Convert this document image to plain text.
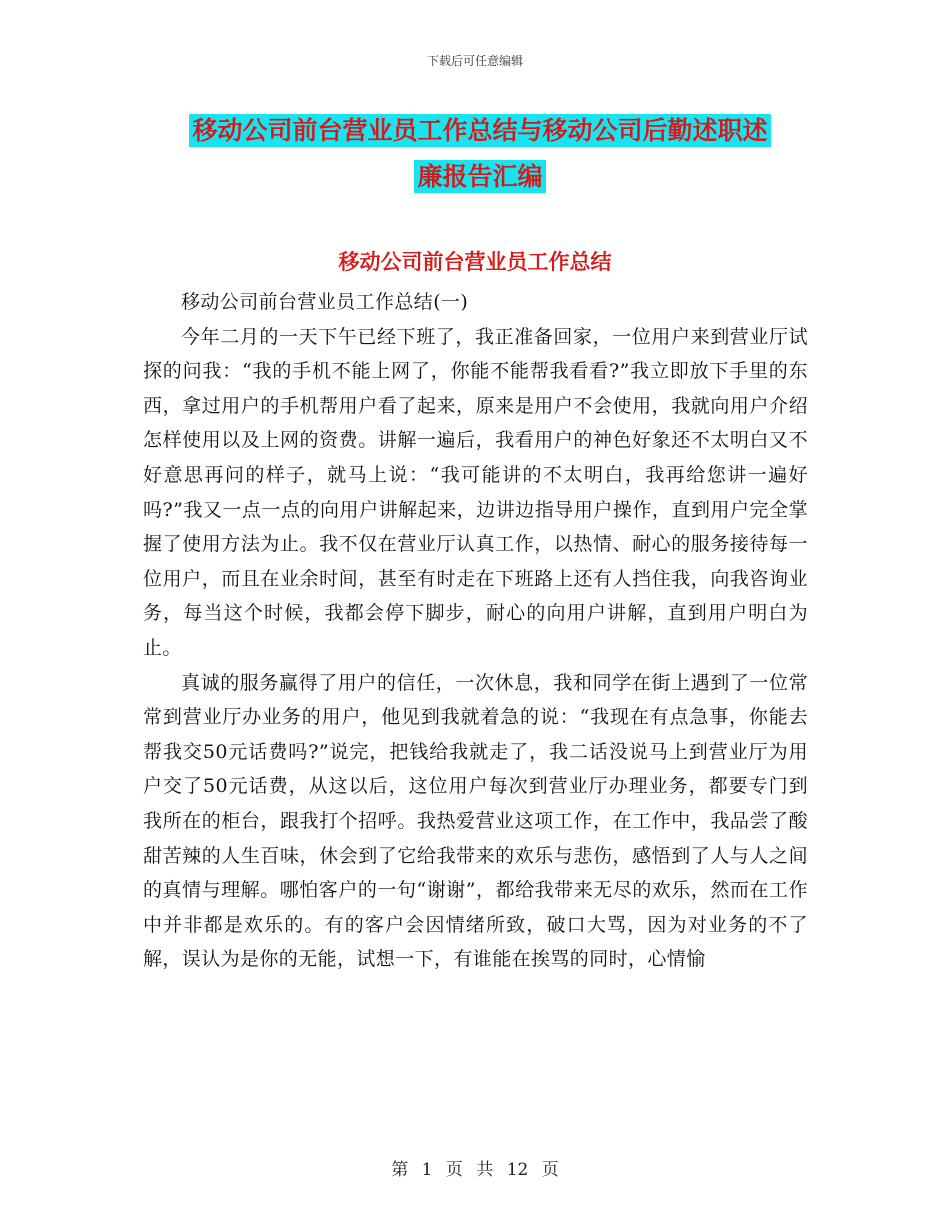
下载后可任意编辑
移动公司前台营业员工作总结与移动公司后勤述职述
廉报告汇编
移动公司前台营业员工作总结

移动公司前台营业员工作总结(一)

今年二月的一天下午已经下班了，我正准备回家，一位用户来到营业厅试探的问我：“我的手机不能上网了，你能不能帮我看看?”我立即放下手里的东西，拿过用户的手机帮用户看了起来，原来是用户不会使用，我就向用户介绍怎样使用以及上网的资费。讲解一遍后，我看用户的神色好象还不太明白又不好意思再问的样子，就马上说：“我可能讲的不太明白，我再给您讲一遍好吗?”我又一点一点的向用户讲解起来，边讲边指导用户操作，直到用户完全掌握了使用方法为止。我不仅在营业厅认真工作，以热情、耐心的服务接待每一位用户，而且在业余时间，甚至有时走在下班路上还有人挡住我，向我咨询业务，每当这个时候，我都会停下脚步，耐心的向用户讲解，直到用户明白为止。

真诚的服务赢得了用户的信任，一次休息，我和同学在街上遇到了一位常常到营业厅办业务的用户，他见到我就着急的说：“我现在有点急事，你能去帮我交50元话费吗?”说完，把钱给我就走了，我二话没说马上到营业厅为用户交了50元话费，从这以后，这位用户每次到营业厅办理业务，都要专门到我所在的柜台，跟我打个招呼。我热爱营业这项工作，在工作中，我品尝了酸甜苦辣的人生百味，休会到了它给我带来的欢乐与悲伤，感悟到了人与人之间的真情与理解。哪怕客户的一句“谢谢”，都给我带来无尽的欢乐，然而在工作中并非都是欢乐的。有的客户会因情绪所致，破口大骂，因为对业务的不了解，误认为是你的无能，试想一下，有谁能在挨骂的同时，心情愉

第 1 页 共 12 页
